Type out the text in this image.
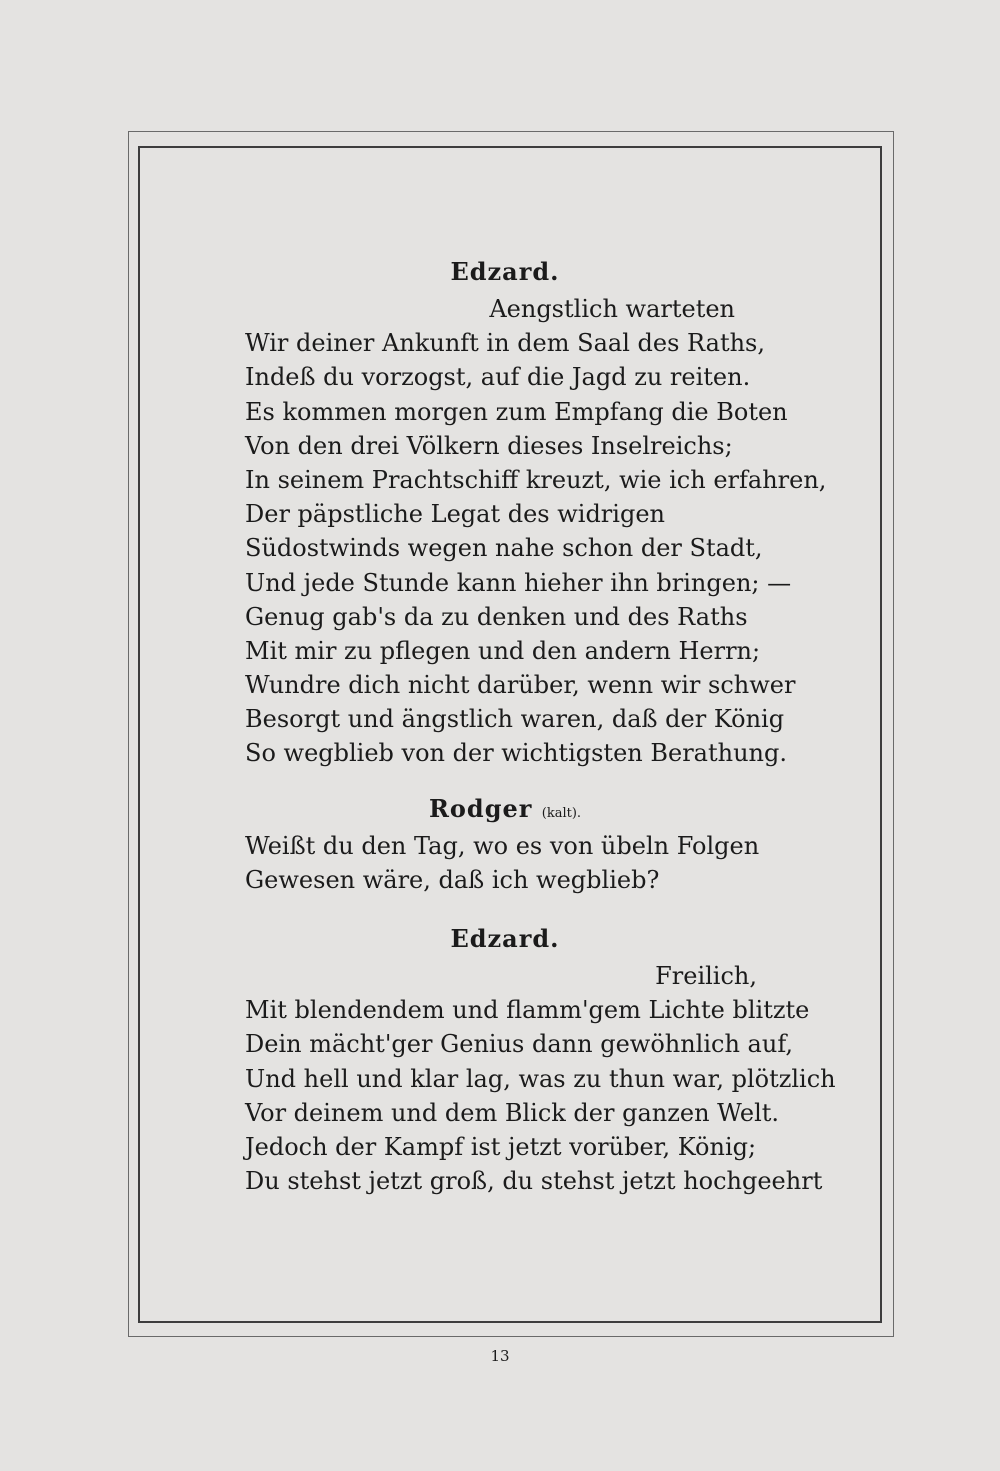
Edzard.
Aengstlich warteten
Wir deiner Ankunft in dem Saal des Raths,
Indeß du vorzogst, auf die Jagd zu reiten.
Es kommen morgen zum Empfang die Boten
Von den drei Völkern dieses Inselreichs;
In seinem Prachtschiff kreuzt, wie ich erfahren,
Der päpstliche Legat des widrigen
Südostwinds wegen nahe schon der Stadt,
Und jede Stunde kann hieher ihn bringen; —
Genug gab's da zu denken und des Raths
Mit mir zu pflegen und den andern Herrn;
Wundre dich nicht darüber, wenn wir schwer
Besorgt und ängstlich waren, daß der König
So wegblieb von der wichtigsten Berathung.
Rodger (kalt).
Weißt du den Tag, wo es von übeln Folgen
Gewesen wäre, daß ich wegblieb?
Edzard.
Freilich,
Mit blendendem und flamm'gem Lichte blitzte
Dein mächt'ger Genius dann gewöhnlich auf,
Und hell und klar lag, was zu thun war, plötzlich
Vor deinem und dem Blick der ganzen Welt.
Jedoch der Kampf ist jetzt vorüber, König;
Du stehst jetzt groß, du stehst jetzt hochgeehrt
13
